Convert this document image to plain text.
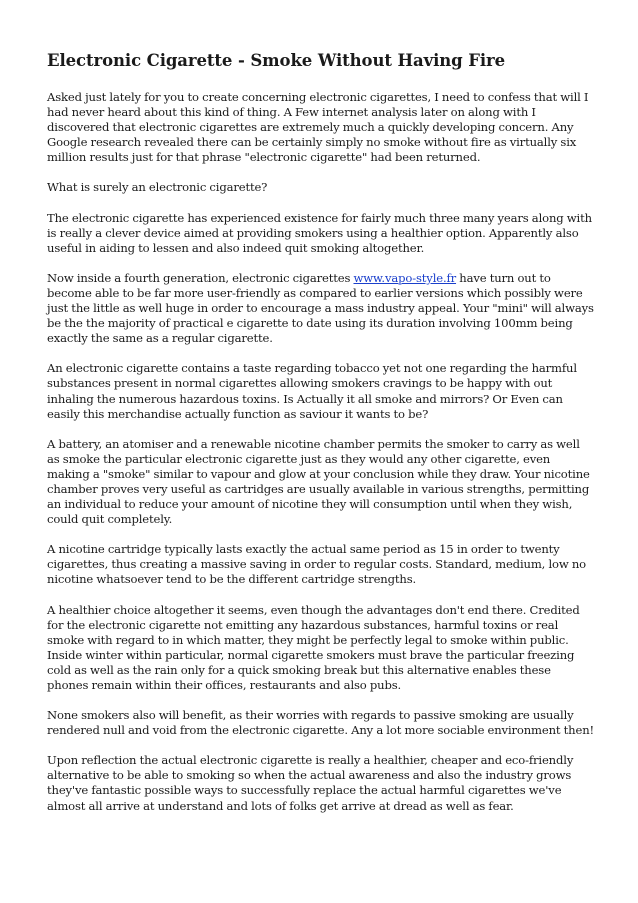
Electronic Cigarette - Smoke Without Having Fire

Asked just lately for you to create concerning electronic cigarettes, I need to confess that will I had never heard about this kind of thing. A Few internet analysis later on along with I discovered that electronic cigarettes are extremely much a quickly developing concern. Any Google research revealed there can be certainly simply no smoke without fire as virtually six million results just for that phrase "electronic cigarette" had been returned.

What is surely an electronic cigarette?

The electronic cigarette has experienced existence for fairly much three many years along with is really a clever device aimed at providing smokers using a healthier option. Apparently also useful in aiding to lessen and also indeed quit smoking altogether.

Now inside a fourth generation, electronic cigarettes www.vapo-style.fr have turn out to become able to be far more user-friendly as compared to earlier versions which possibly were just the little as well huge in order to encourage a mass industry appeal. Your "mini" will always be the the majority of practical e cigarette to date using its duration involving 100mm being exactly the same as a regular cigarette.

An electronic cigarette contains a taste regarding tobacco yet not one regarding the harmful substances present in normal cigarettes allowing smokers cravings to be happy with out inhaling the numerous hazardous toxins. Is Actually it all smoke and mirrors? Or Even can easily this merchandise actually function as saviour it wants to be?

A battery, an atomiser and a renewable nicotine chamber permits the smoker to carry as well as smoke the particular electronic cigarette just as they would any other cigarette, even making a "smoke" similar to vapour and glow at your conclusion while they draw. Your nicotine chamber proves very useful as cartridges are usually available in various strengths, permitting an individual to reduce your amount of nicotine they will consumption until when they wish, could quit completely.

A nicotine cartridge typically lasts exactly the actual same period as 15 in order to twenty cigarettes, thus creating a massive saving in order to regular costs. Standard, medium, low no nicotine whatsoever tend to be the different cartridge strengths.

A healthier choice altogether it seems, even though the advantages don't end there. Credited for the electronic cigarette not emitting any hazardous substances, harmful toxins or real smoke with regard to in which matter, they might be perfectly legal to smoke within public. Inside winter within particular, normal cigarette smokers must brave the particular freezing cold as well as the rain only for a quick smoking break but this alternative enables these phones remain within their offices, restaurants and also pubs.

None smokers also will benefit, as their worries with regards to passive smoking are usually rendered null and void from the electronic cigarette. Any a lot more sociable environment then!

Upon reflection the actual electronic cigarette is really a healthier, cheaper and eco-friendly alternative to be able to smoking so when the actual awareness and also the industry grows they've fantastic possible ways to successfully replace the actual harmful cigarettes we've almost all arrive at understand and lots of folks get arrive at dread as well as fear.
